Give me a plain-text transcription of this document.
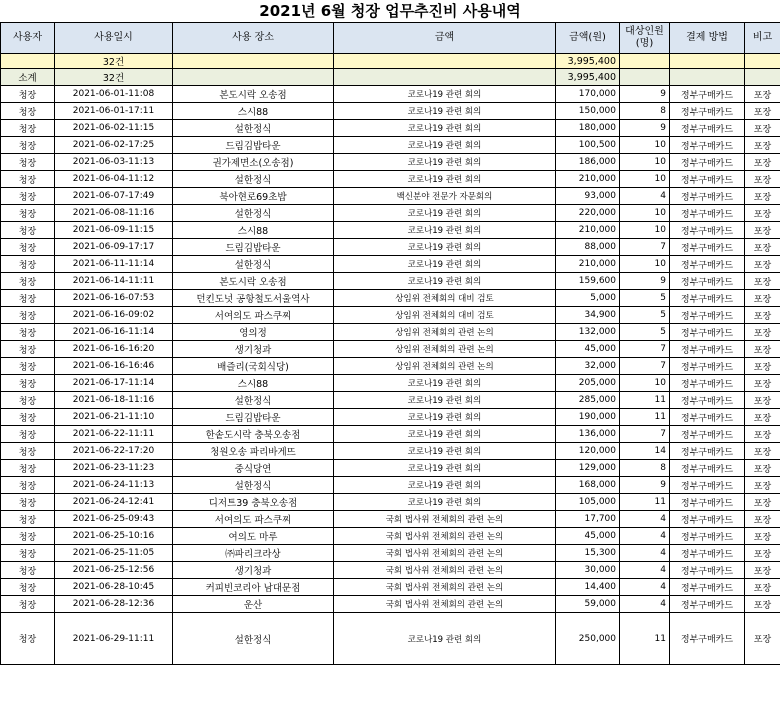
2021년 6월 청장 업무추진비 사용내역
사용자	사용일시	사용 장소	금액	금액(원)	대상인원(명)	결제 방법	비고
	32건			3,995,400			
소계	32건			3,995,400			
청장	2021-06-01-11:08	본도시락 오송점	코로나19 관련 회의	170,000	9	정부구매카드	포장
청장	2021-06-01-17:11	스시88	코로나19 관련 회의	150,000	8	정부구매카드	포장
청장	2021-06-02-11:15	설한정식	코로나19 관련 회의	180,000	9	정부구매카드	포장
청장	2021-06-02-17:25	드림김밥타운	코로나19 관련 회의	100,500	10	정부구매카드	포장
청장	2021-06-03-11:13	권가제면소(오송점)	코로나19 관련 회의	186,000	10	정부구매카드	포장
청장	2021-06-04-11:12	설한정식	코로나19 관련 회의	210,000	10	정부구매카드	포장
청장	2021-06-07-17:49	북아현로69초밥	백신분야 전문가 자문회의	93,000	4	정부구매카드	포장
청장	2021-06-08-11:16	설한정식	코로나19 관련 회의	220,000	10	정부구매카드	포장
청장	2021-06-09-11:15	스시88	코로나19 관련 회의	210,000	10	정부구매카드	포장
청장	2021-06-09-17:17	드림김밥타운	코로나19 관련 회의	88,000	7	정부구매카드	포장
청장	2021-06-11-11:14	설한정식	코로나19 관련 회의	210,000	10	정부구매카드	포장
청장	2021-06-14-11:11	본도시락 오송점	코로나19 관련 회의	159,600	9	정부구매카드	포장
청장	2021-06-16-07:53	던킨도넛 공항철도서울역사	상임위 전체회의 대비 검토	5,000	5	정부구매카드	포장
청장	2021-06-16-09:02	서여의도 파스쿠찌	상임위 전체회의 대비 검토	34,900	5	정부구매카드	포장
청장	2021-06-16-11:14	영의정	상임위 전체회의 관련 논의	132,000	5	정부구매카드	포장
청장	2021-06-16-16:20	생기청과	상임위 전체회의 관련 논의	45,000	7	정부구매카드	포장
청장	2021-06-16-16:46	배즐리(국회식당)	상임위 전체회의 관련 논의	32,000	7	정부구매카드	포장
청장	2021-06-17-11:14	스시88	코로나19 관련 회의	205,000	10	정부구매카드	포장
청장	2021-06-18-11:16	설한정식	코로나19 관련 회의	285,000	11	정부구매카드	포장
청장	2021-06-21-11:10	드림김밥타운	코로나19 관련 회의	190,000	11	정부구매카드	포장
청장	2021-06-22-11:11	한솥도시락 충북오송점	코로나19 관련 회의	136,000	7	정부구매카드	포장
청장	2021-06-22-17:20	청원오송 파리바게뜨	코로나19 관련 회의	120,000	14	정부구매카드	포장
청장	2021-06-23-11:23	중식당연	코로나19 관련 회의	129,000	8	정부구매카드	포장
청장	2021-06-24-11:13	설한정식	코로나19 관련 회의	168,000	9	정부구매카드	포장
청장	2021-06-24-12:41	디저트39 충북오송점	코로나19 관련 회의	105,000	11	정부구매카드	포장
청장	2021-06-25-09:43	서여의도 파스쿠찌	국회 법사위 전체회의 관련 논의	17,700	4	정부구매카드	포장
청장	2021-06-25-10:16	여의도 마루	국회 법사위 전체회의 관련 논의	45,000	4	정부구매카드	포장
청장	2021-06-25-11:05	㈜파리크라상	국회 법사위 전체회의 관련 논의	15,300	4	정부구매카드	포장
청장	2021-06-25-12:56	생기청과	국회 법사위 전체회의 관련 논의	30,000	4	정부구매카드	포장
청장	2021-06-28-10:45	커피빈코리아 남대문점	국회 법사위 전체회의 관련 논의	14,400	4	정부구매카드	포장
청장	2021-06-28-12:36	운산	국회 법사위 전체회의 관련 논의	59,000	4	정부구매카드	포장
청장	2021-06-29-11:11	설한정식	코로나19 관련 회의	250,000	11	정부구매카드	포장
